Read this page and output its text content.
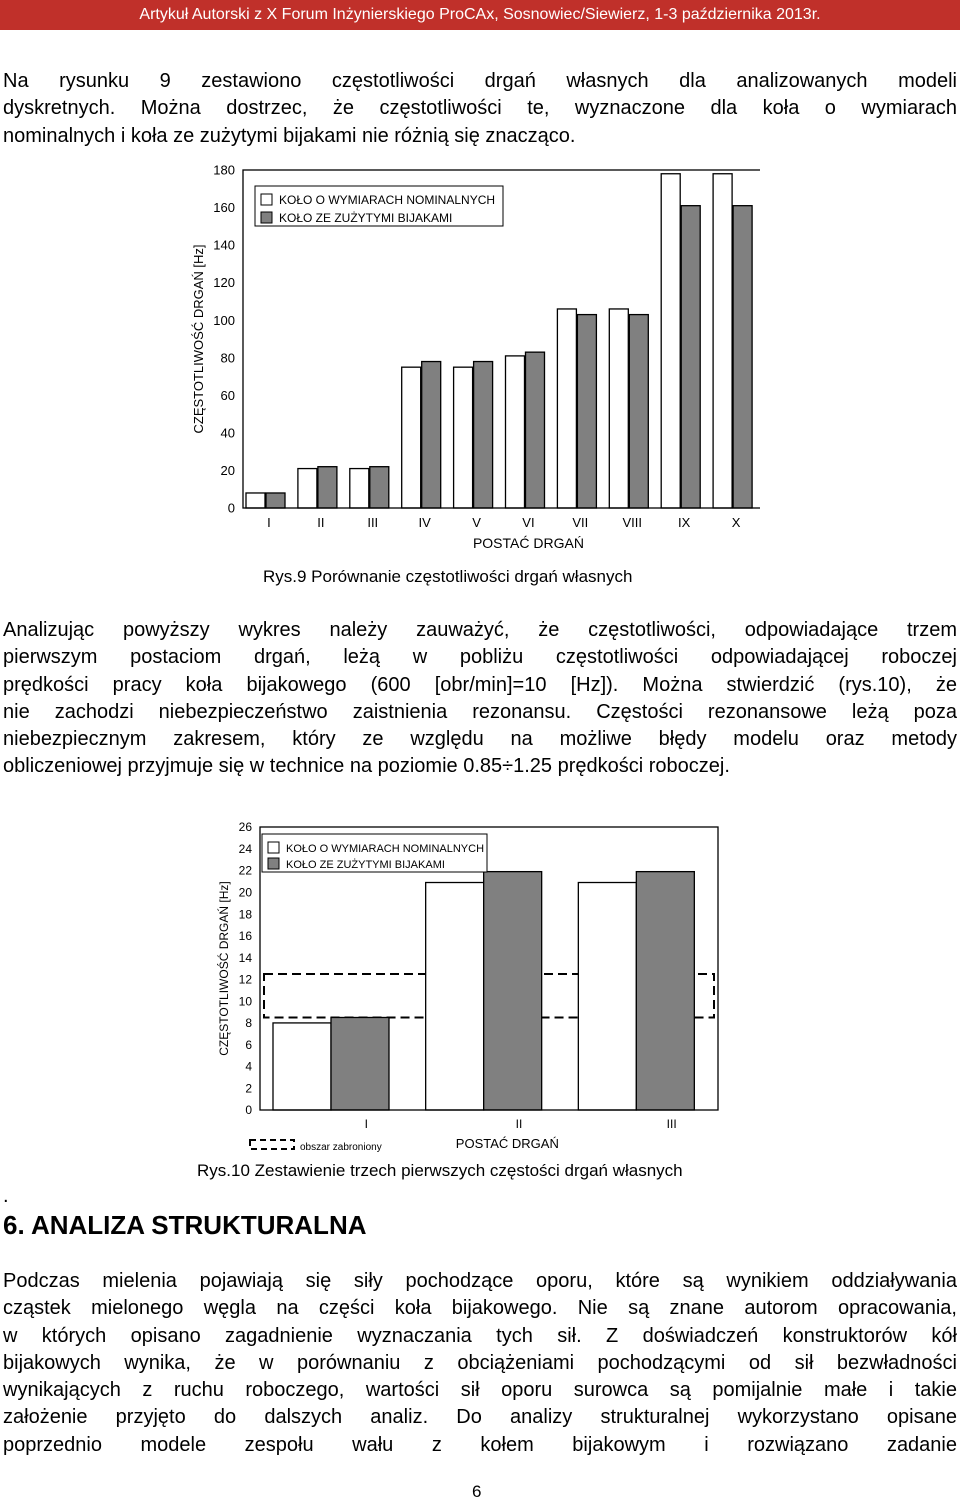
Artykuł Autorski z X Forum Inżynierskiego ProCAx, Sosnowiec/Siewierz, 1-3 października 2013r.
Na rysunku 9 zestawiono częstotliwości drgań własnych dla analizowanych modeli
dyskretnych. Można dostrzec, że częstotliwości te, wyznaczone dla koła o wymiarach
nominalnych i koła ze zużytymi bijakami nie różnią się znacząco.
0
20
40
60
80
100
120
140
160
180
CZĘSTOTLIWOŚĆ DRGAŃ [Hz]
I	II	III	IV	V	VI	VII	VIII	IX	X
POSTAĆ DRGAŃ
KOŁO O WYMIARACH NOMINALNYCH
KOŁO ZE ZUŻYTYMI BIJAKAMI
Rys.9 Porównanie częstotliwości drgań własnych
Analizując powyższy wykres należy zauważyć, że częstotliwości, odpowiadające trzem
pierwszym postaciom drgań, leżą w pobliżu częstotliwości odpowiadającej roboczej
prędkości pracy koła bijakowego (600 [obr/min]=10 [Hz]). Można stwierdzić (rys.10), że
nie zachodzi niebezpieczeństwo zaistnienia rezonansu. Częstości rezonansowe leżą poza
niebezpiecznym zakresem, który ze względu na możliwe błędy modelu oraz metody
obliczeniowej przyjmuje się w technice na poziomie 0.85÷1.25 prędkości roboczej.
0
2
4
6
8
10
12
14
16
18
20
22
24
26
CZĘSTOTLIWOŚĆ DRGAŃ [Hz]
I	II	III
POSTAĆ DRGAŃ
KOŁO O WYMIARACH NOMINALNYCH
KOŁO ZE ZUŻYTYMI BIJAKAMI
obszar zabroniony
Rys.10 Zestawienie trzech pierwszych częstości drgań własnych
.
6. ANALIZA STRUKTURALNA
Podczas mielenia pojawiają się siły pochodzące oporu, które są wynikiem oddziaływania
cząstek mielonego węgla na części koła bijakowego. Nie są znane autorom opracowania,
w których opisano zagadnienie wyznaczania tych sił. Z doświadczeń konstruktorów kół
bijakowych wynika, że w porównaniu z obciążeniami pochodzącymi od sił bezwładności
wynikających z ruchu roboczego, wartości sił oporu surowca są pomijalnie małe i takie
założenie przyjęto do dalszych analiz. Do analizy strukturalnej wykorzystano opisane
poprzednio modele zespołu wału z kołem bijakowym i rozwiązano zadanie
6
